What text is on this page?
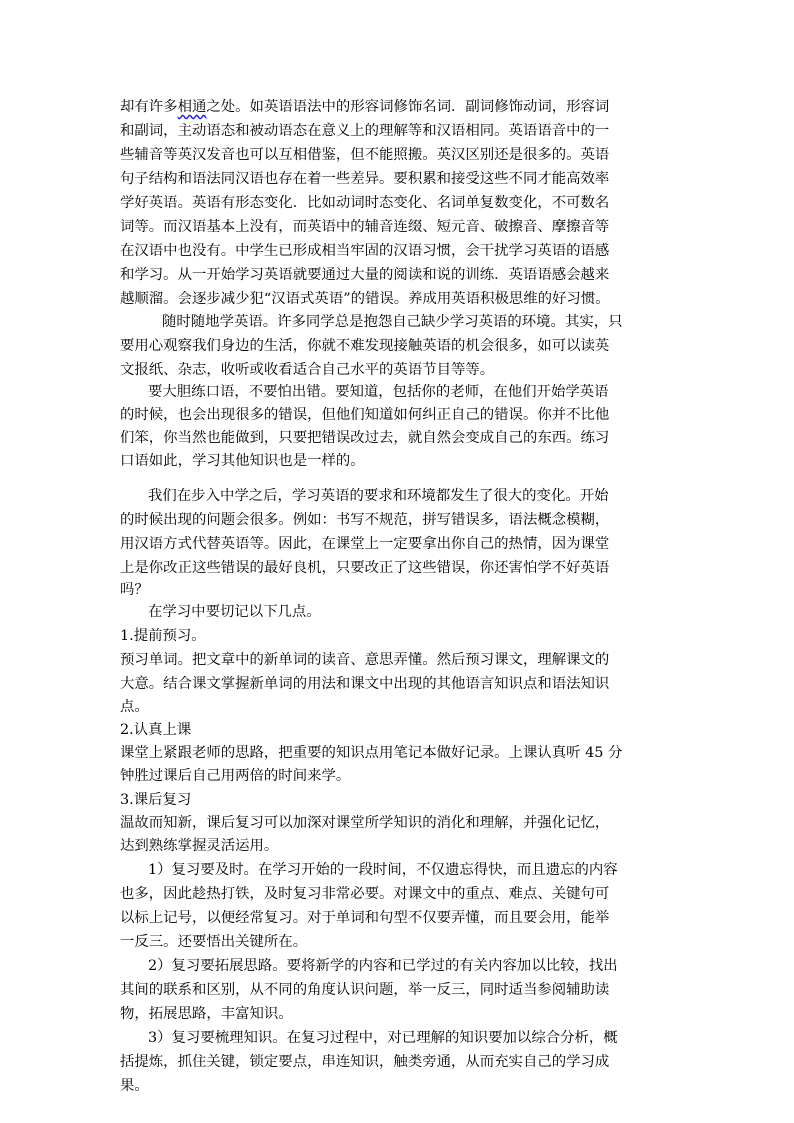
却有许多相通之处。如英语语法中的形容词修饰名词．副词修饰动词，形容词
和副词，主动语态和被动语态在意义上的理解等和汉语相同。英语语音中的一
些辅音等英汉发音也可以互相借鉴，但不能照搬。英汉区别还是很多的。英语
句子结构和语法同汉语也存在着一些差异。要积累和接受这些不同才能高效率
学好英语。英语有形态变化．比如动词时态变化、名词单复数变化，不可数名
词等。而汉语基本上没有，而英语中的辅音连缀、短元音、破擦音、摩擦音等
在汉语中也没有。中学生已形成相当牢固的汉语习惯，会干扰学习英语的语感
和学习。从一开始学习英语就要通过大量的阅读和说的训练．英语语感会越来
越顺溜。会逐步减少犯“汉语式英语”的错误。养成用英语积极思维的好习惯。
随时随地学英语。许多同学总是抱怨自己缺少学习英语的环境。其实，只
要用心观察我们身边的生活，你就不难发现接触英语的机会很多，如可以读英
文报纸、杂志，收听或收看适合自己水平的英语节目等等。
要大胆练口语，不要怕出错。要知道，包括你的老师，在他们开始学英语
的时候，也会出现很多的错误，但他们知道如何纠正自己的错误。你并不比他
们笨，你当然也能做到，只要把错误改过去，就自然会变成自己的东西。练习
口语如此，学习其他知识也是一样的。
我们在步入中学之后，学习英语的要求和环境都发生了很大的变化。开始
的时候出现的问题会很多。例如：书写不规范，拼写错误多，语法概念模糊，
用汉语方式代替英语等。因此，在课堂上一定要拿出你自己的热情，因为课堂
上是你改正这些错误的最好良机，只要改正了这些错误，你还害怕学不好英语
吗？
在学习中要切记以下几点。
1.提前预习。
预习单词。把文章中的新单词的读音、意思弄懂。然后预习课文，理解课文的
大意。结合课文掌握新单词的用法和课文中出现的其他语言知识点和语法知识
点。
2.认真上课
课堂上紧跟老师的思路，把重要的知识点用笔记本做好记录。上课认真听 45 分
钟胜过课后自己用两倍的时间来学。
3.课后复习
温故而知新，课后复习可以加深对课堂所学知识的消化和理解，并强化记忆，
达到熟练掌握灵活运用。
1）复习要及时。在学习开始的一段时间，不仅遗忘得快，而且遗忘的内容
也多，因此趁热打铁，及时复习非常必要。对课文中的重点、难点、关键句可
以标上记号，以便经常复习。对于单词和句型不仅要弄懂，而且要会用，能举
一反三。还要悟出关键所在。
2）复习要拓展思路。要将新学的内容和已学过的有关内容加以比较，找出
其间的联系和区别，从不同的角度认识问题，举一反三，同时适当参阅辅助读
物，拓展思路，丰富知识。
3）复习要梳理知识。在复习过程中，对已理解的知识要加以综合分析，概
括提炼，抓住关键，锁定要点，串连知识，触类旁通，从而充实自己的学习成
果。
